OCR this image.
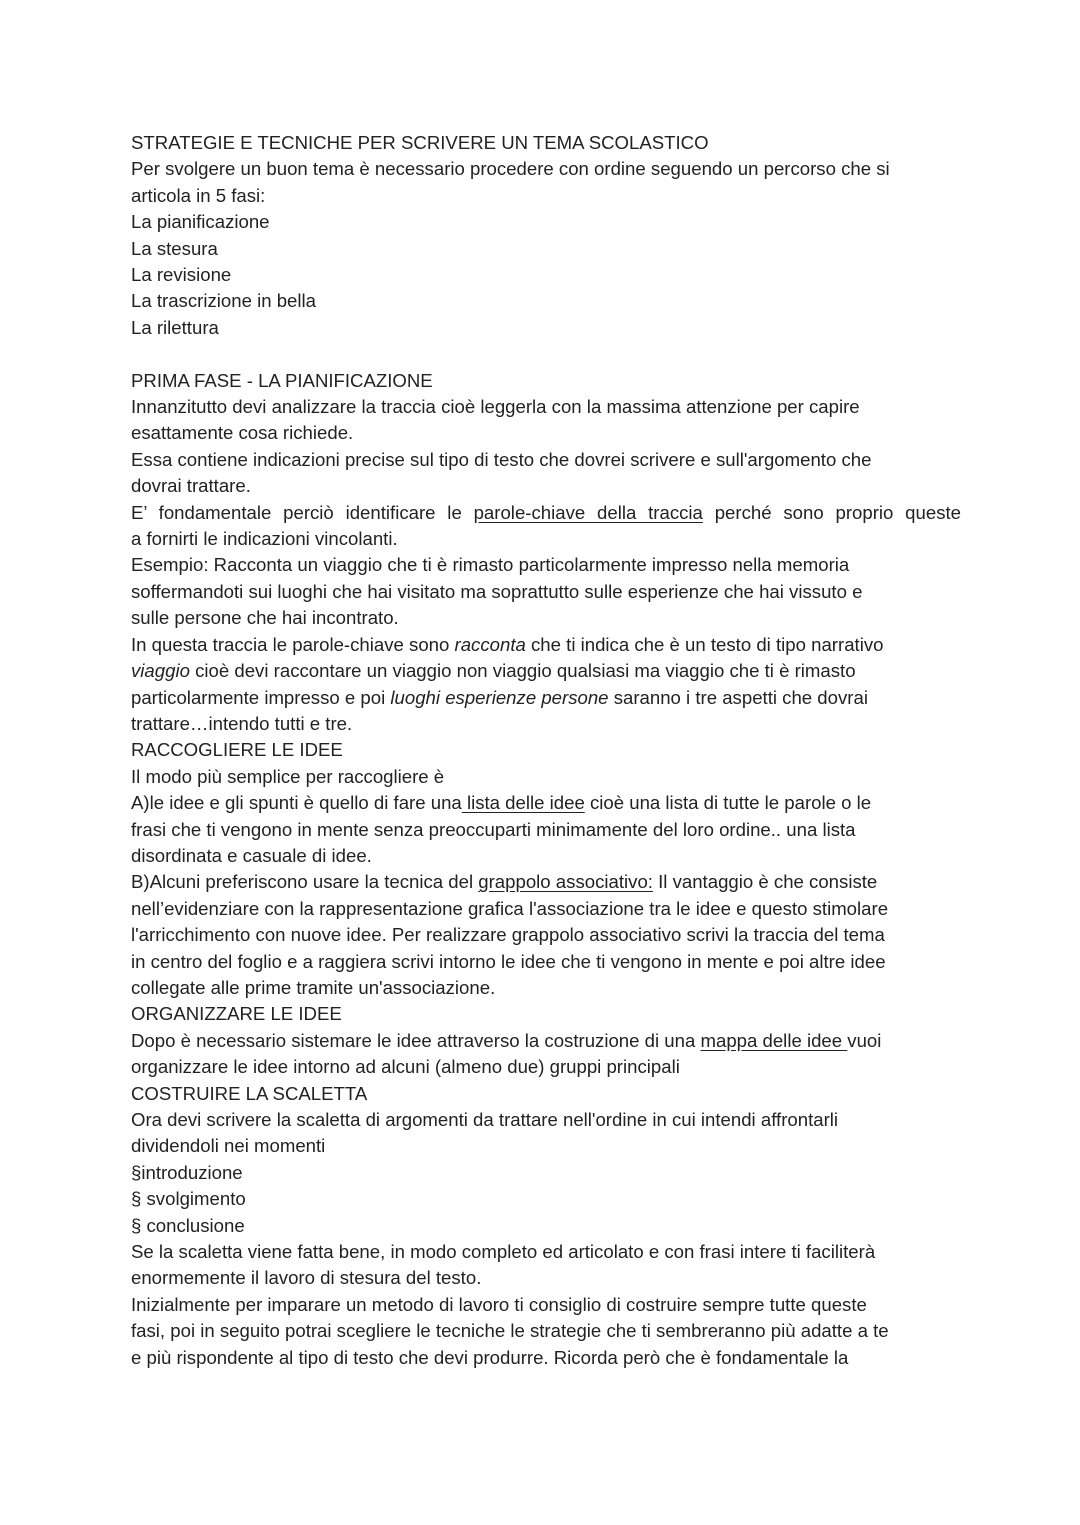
STRATEGIE E TECNICHE PER SCRIVERE UN TEMA SCOLASTICO
Per svolgere un buon tema è necessario procedere con ordine seguendo un percorso che si
articola in 5 fasi:
La pianificazione
La stesura
La revisione
La trascrizione in bella
La rilettura
PRIMA FASE - LA PIANIFICAZIONE
Innanzitutto devi analizzare la traccia cioè leggerla con la massima attenzione per capire
esattamente cosa richiede.
Essa contiene indicazioni precise sul tipo di testo che dovrei scrivere e sull'argomento che
dovrai trattare.
E’ fondamentale perciò identificare le parole-chiave della traccia perché sono proprio queste
a fornirti le indicazioni vincolanti.
Esempio: Racconta un viaggio che ti è rimasto particolarmente impresso nella memoria
soffermandoti sui luoghi che hai visitato ma soprattutto sulle esperienze che hai vissuto e
sulle persone che hai incontrato.
In questa traccia le parole-chiave sono racconta che ti indica che è un testo di tipo narrativo
viaggio cioè devi raccontare un viaggio non viaggio qualsiasi ma viaggio che ti è rimasto
particolarmente impresso e poi luoghi esperienze persone saranno i tre aspetti che dovrai
trattare…intendo tutti e tre.
RACCOGLIERE LE IDEE
Il modo più semplice per raccogliere è
A)le idee e gli spunti è quello di fare una lista delle idee cioè una lista di tutte le parole o le
frasi che ti vengono in mente senza preoccuparti minimamente del loro ordine.. una lista
disordinata e casuale di idee.
B)Alcuni preferiscono usare la tecnica del grappolo associativo: Il vantaggio è che consiste
nell’evidenziare con la rappresentazione grafica l'associazione tra le idee e questo stimolare
l'arricchimento con nuove idee. Per realizzare grappolo associativo scrivi la traccia del tema
in centro del foglio e a raggiera scrivi intorno le idee che ti vengono in mente e poi altre idee
collegate alle prime tramite un'associazione.
ORGANIZZARE LE IDEE
Dopo è necessario sistemare le idee attraverso la costruzione di una mappa delle idee vuoi
organizzare le idee intorno ad alcuni (almeno due) gruppi principali
COSTRUIRE LA SCALETTA
Ora devi scrivere la scaletta di argomenti da trattare nell'ordine in cui intendi affrontarli
dividendoli nei momenti
§introduzione
§ svolgimento
§ conclusione
Se la scaletta viene fatta bene, in modo completo ed articolato e con frasi intere ti faciliterà
enormemente il lavoro di stesura del testo.
Inizialmente per imparare un metodo di lavoro ti consiglio di costruire sempre tutte queste
fasi, poi in seguito potrai scegliere le tecniche le strategie che ti sembreranno più adatte a te
e più rispondente al tipo di testo che devi produrre. Ricorda però che è fondamentale la
